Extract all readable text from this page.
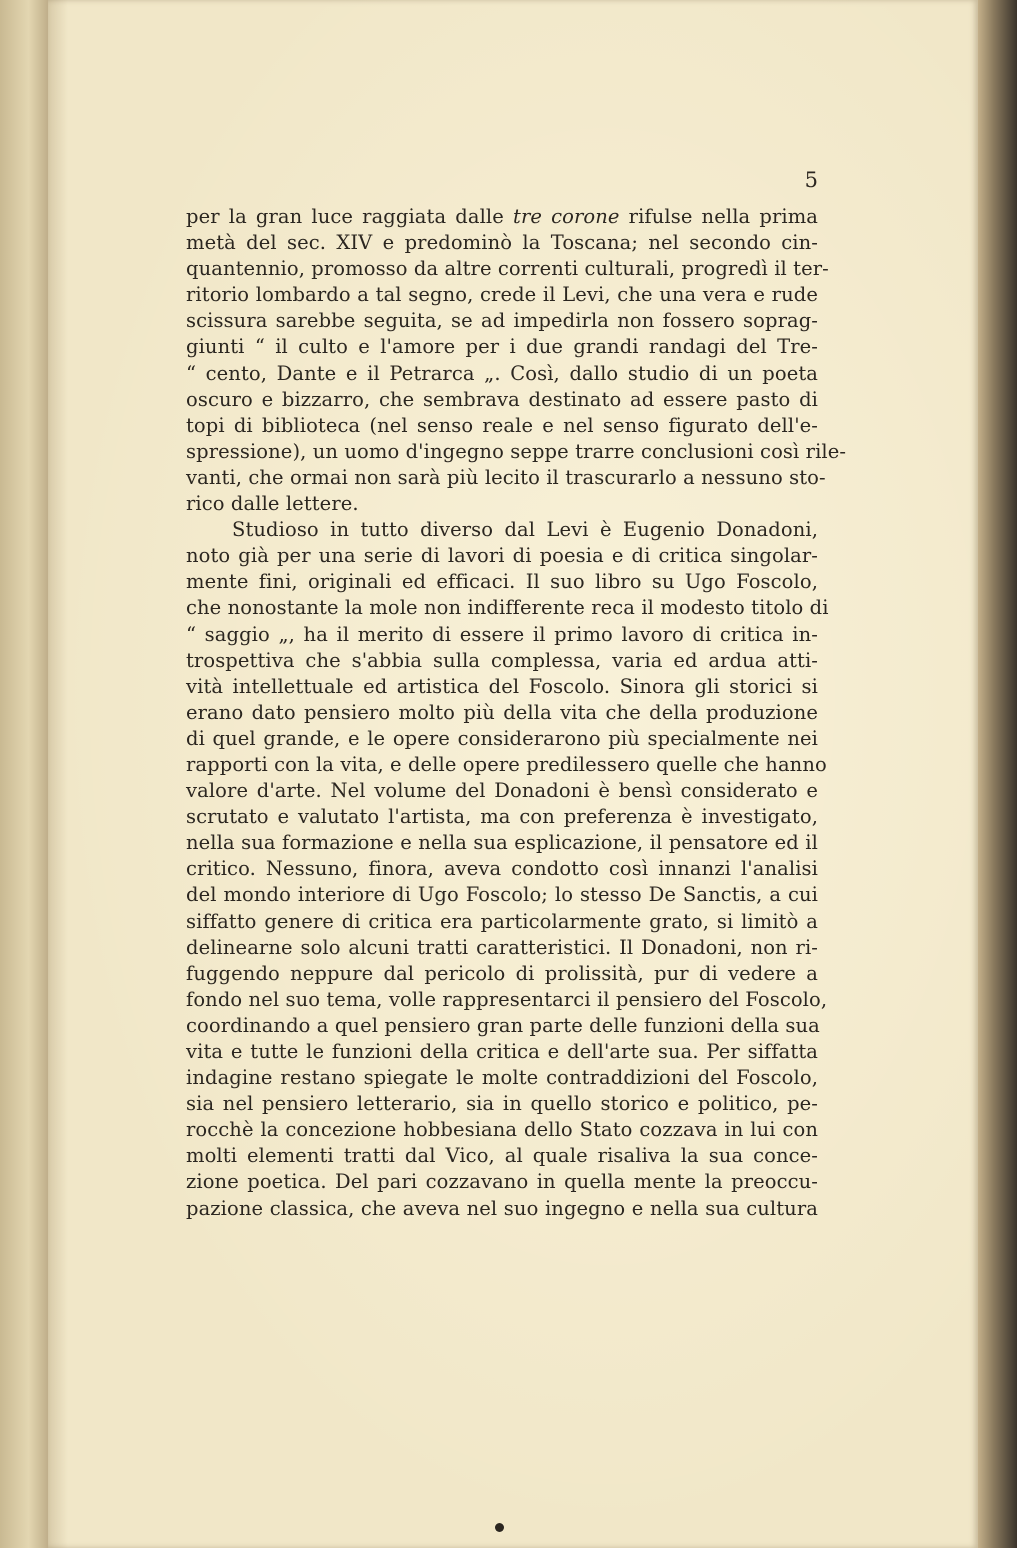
5
per la gran luce raggiata dalle tre corone rifulse nella prima
metà del sec. XIV e predominò la Toscana; nel secondo cin-
quantennio, promosso da altre correnti culturali, progredì il ter-
ritorio lombardo a tal segno, crede il Levi, che una vera e rude
scissura sarebbe seguita, se ad impedirla non fossero soprag-
giunti “ il culto e l'amore per i due grandi randagi del Tre-
“ cento, Dante e il Petrarca „. Così, dallo studio di un poeta
oscuro e bizzarro, che sembrava destinato ad essere pasto di
topi di biblioteca (nel senso reale e nel senso figurato dell'e-
spressione), un uomo d'ingegno seppe trarre conclusioni così rile-
vanti, che ormai non sarà più lecito il trascurarlo a nessuno sto-
rico dalle lettere.
Studioso in tutto diverso dal Levi è Eugenio Donadoni,
noto già per una serie di lavori di poesia e di critica singolar-
mente fini, originali ed efficaci. Il suo libro su Ugo Foscolo,
che nonostante la mole non indifferente reca il modesto titolo di
“ saggio „, ha il merito di essere il primo lavoro di critica in-
trospettiva che s'abbia sulla complessa, varia ed ardua atti-
vità intellettuale ed artistica del Foscolo. Sinora gli storici si
erano dato pensiero molto più della vita che della produzione
di quel grande, e le opere considerarono più specialmente nei
rapporti con la vita, e delle opere predilessero quelle che hanno
valore d'arte. Nel volume del Donadoni è bensì considerato e
scrutato e valutato l'artista, ma con preferenza è investigato,
nella sua formazione e nella sua esplicazione, il pensatore ed il
critico. Nessuno, finora, aveva condotto così innanzi l'analisi
del mondo interiore di Ugo Foscolo; lo stesso De Sanctis, a cui
siffatto genere di critica era particolarmente grato, si limitò a
delinearne solo alcuni tratti caratteristici. Il Donadoni, non ri-
fuggendo neppure dal pericolo di prolissità, pur di vedere a
fondo nel suo tema, volle rappresentarci il pensiero del Foscolo,
coordinando a quel pensiero gran parte delle funzioni della sua
vita e tutte le funzioni della critica e dell'arte sua. Per siffatta
indagine restano spiegate le molte contraddizioni del Foscolo,
sia nel pensiero letterario, sia in quello storico e politico, pe-
rocchè la concezione hobbesiana dello Stato cozzava in lui con
molti elementi tratti dal Vico, al quale risaliva la sua conce-
zione poetica. Del pari cozzavano in quella mente la preoccu-
pazione classica, che aveva nel suo ingegno e nella sua cultura
